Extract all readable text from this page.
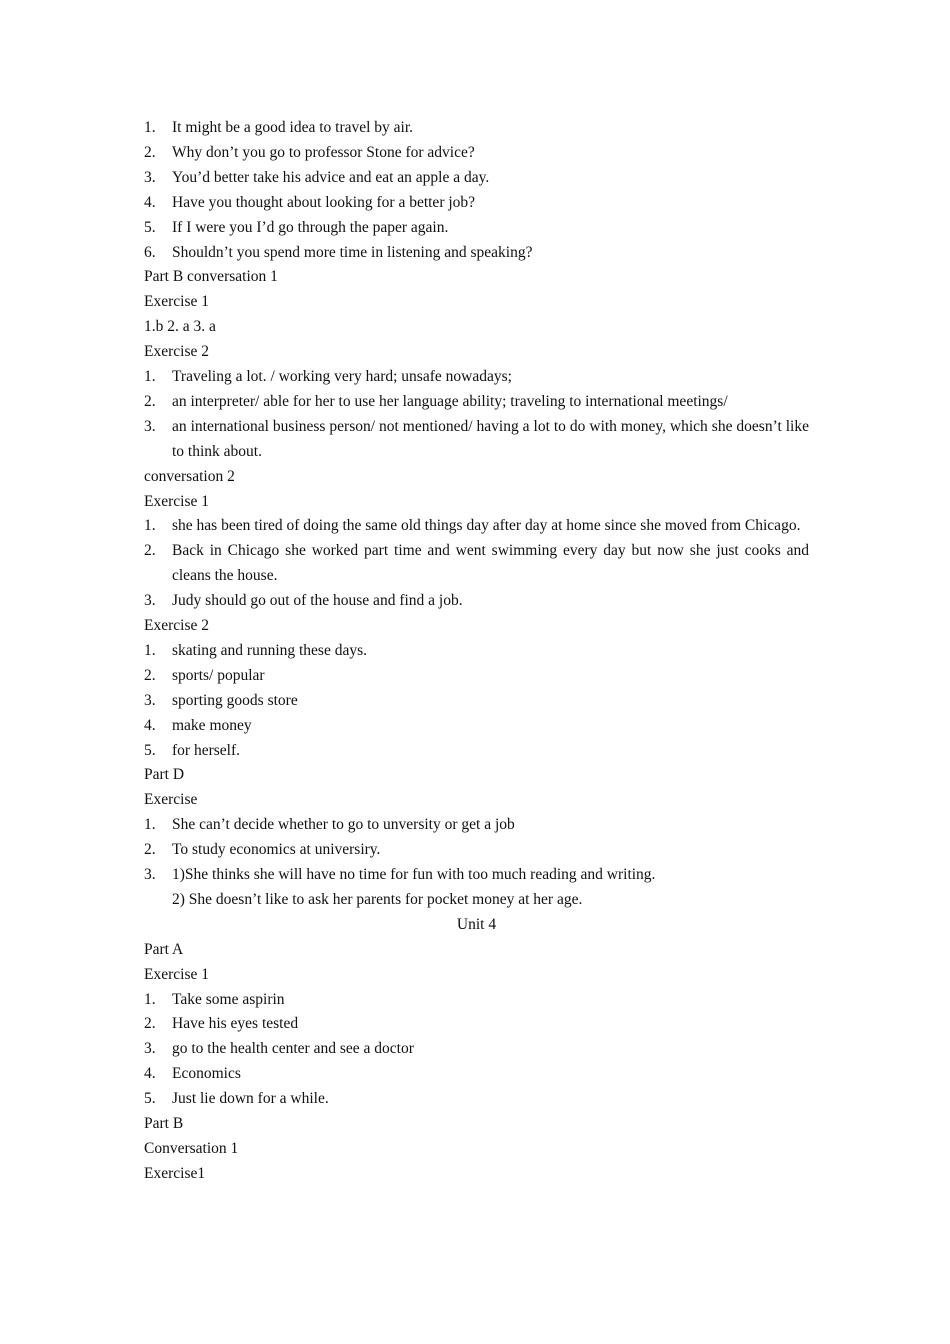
1.	It might be a good idea to travel by air.
2.	Why don’t you go to professor Stone for advice?
3.	You’d better take his advice and eat an apple a day.
4.	Have you thought about looking for a better job?
5.	If I were you I’d go through the paper again.
6.	Shouldn’t you spend more time in listening and speaking?
Part B conversation 1
Exercise 1
1.b 2. a 3. a
Exercise 2
1.	Traveling a lot. / working very hard; unsafe nowadays;
2.	an interpreter/ able for her to use her language ability; traveling to international meetings/
3.	an international business person/ not mentioned/ having a lot to do with money, which she doesn’t like to think about.
conversation 2
Exercise 1
1.	she has been tired of doing the same old things day after day at home since she moved from Chicago.
2.	Back in Chicago she worked part time and went swimming every day but now she just cooks and cleans the house.
3.	Judy should go out of the house and find a job.
Exercise 2
1.	skating and running these days.
2.	sports/ popular
3.	sporting goods store
4.	make money
5.	for herself.
Part D
Exercise
1.	She can’t decide whether to go to unversity or get a job
2.	To study economics at universiry.
3.	1)She thinks she will have no time for fun with too much reading and writing.
2) She doesn’t like to ask her parents for pocket money at her age.
Unit 4
Part A
Exercise 1
1.	Take some aspirin
2.	Have his eyes tested
3.	go to the health center and see a doctor
4.	Economics
5.	Just lie down for a while.
Part B
Conversation 1
Exercise1
